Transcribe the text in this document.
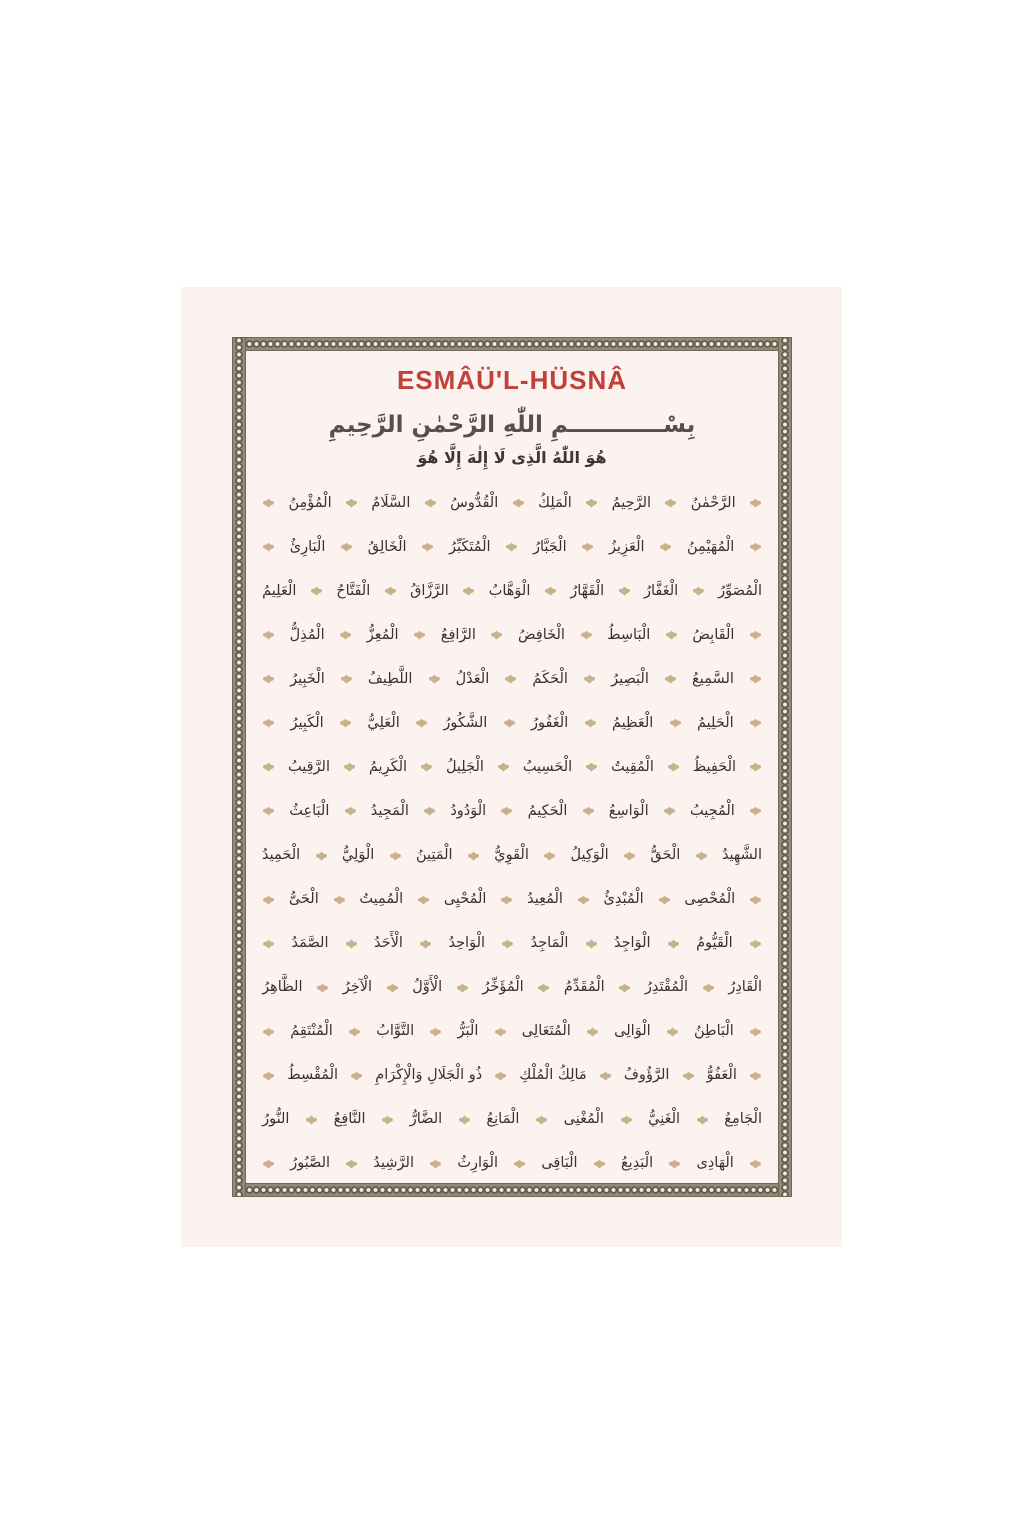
ESMÂÜ'L-HÜSNÂ
بِسْــــــــــــمِ اللّٰهِ الرَّحْمٰنِ الرَّحِيمِ
هُوَ اللّٰهُ الَّذِى لَا إِلٰهَ إِلَّا هُوَ
الرَّحْمٰنُ
الرَّحِيمُ
الْمَلِكُ
الْقُدُّوسُ
السَّلَامُ
الْمُؤْمِنُ
الْمُهَيْمِنُ
الْعَزِيزُ
الْجَبَّارُ
الْمُتَكَبِّرُ
الْخَالِقُ
الْبَارِئُ
الْمُصَوِّرُ
الْغَفَّارُ
الْقَهَّارُ
الْوَهَّابُ
الرَّزَّاقُ
الْفَتَّاحُ
الْعَلِيمُ
الْقَابِضُ
الْبَاسِطُ
الْخَافِضُ
الرَّافِعُ
الْمُعِزُّ
الْمُذِلُّ
السَّمِيعُ
الْبَصِيرُ
الْحَكَمُ
الْعَدْلُ
اللَّطِيفُ
الْخَبِيرُ
الْحَلِيمُ
الْعَظِيمُ
الْغَفُورُ
الشَّكُورُ
الْعَلِيُّ
الْكَبِيرُ
الْحَفِيظُ
الْمُقِيتُ
الْحَسِيبُ
الْجَلِيلُ
الْكَرِيمُ
الرَّقِيبُ
الْمُجِيبُ
الْوَاسِعُ
الْحَكِيمُ
الْوَدُودُ
الْمَجِيدُ
الْبَاعِثُ
الشَّهِيدُ
الْحَقُّ
الْوَكِيلُ
الْقَوِيُّ
الْمَتِينُ
الْوَلِيُّ
الْحَمِيدُ
الْمُحْصِى
الْمُبْدِئُ
الْمُعِيدُ
الْمُحْيِى
الْمُمِيتُ
الْحَىُّ
الْقَيُّومُ
الْوَاجِدُ
الْمَاجِدُ
الْوَاحِدُ
الْأَحَدُ
الصَّمَدُ
الْقَادِرُ
الْمُقْتَدِرُ
الْمُقَدِّمُ
الْمُؤَخِّرُ
الْأَوَّلُ
الْآخِرُ
الظَّاهِرُ
الْبَاطِنُ
الْوَالِى
الْمُتَعَالِى
الْبَرُّ
التَّوَّابُ
الْمُنْتَقِمُ
الْعَفُوُّ
الرَّؤُوفُ
مَالِكُ الْمُلْكِ
ذُو الْجَلَالِ وَالْإِكْرَامِ
الْمُقْسِطُ
الْجَامِعُ
الْغَنِيُّ
الْمُغْنِى
الْمَانِعُ
الضَّارُّ
النَّافِعُ
النُّورُ
الْهَادِى
الْبَدِيعُ
الْبَاقِى
الْوَارِثُ
الرَّشِيدُ
الصَّبُورُ
